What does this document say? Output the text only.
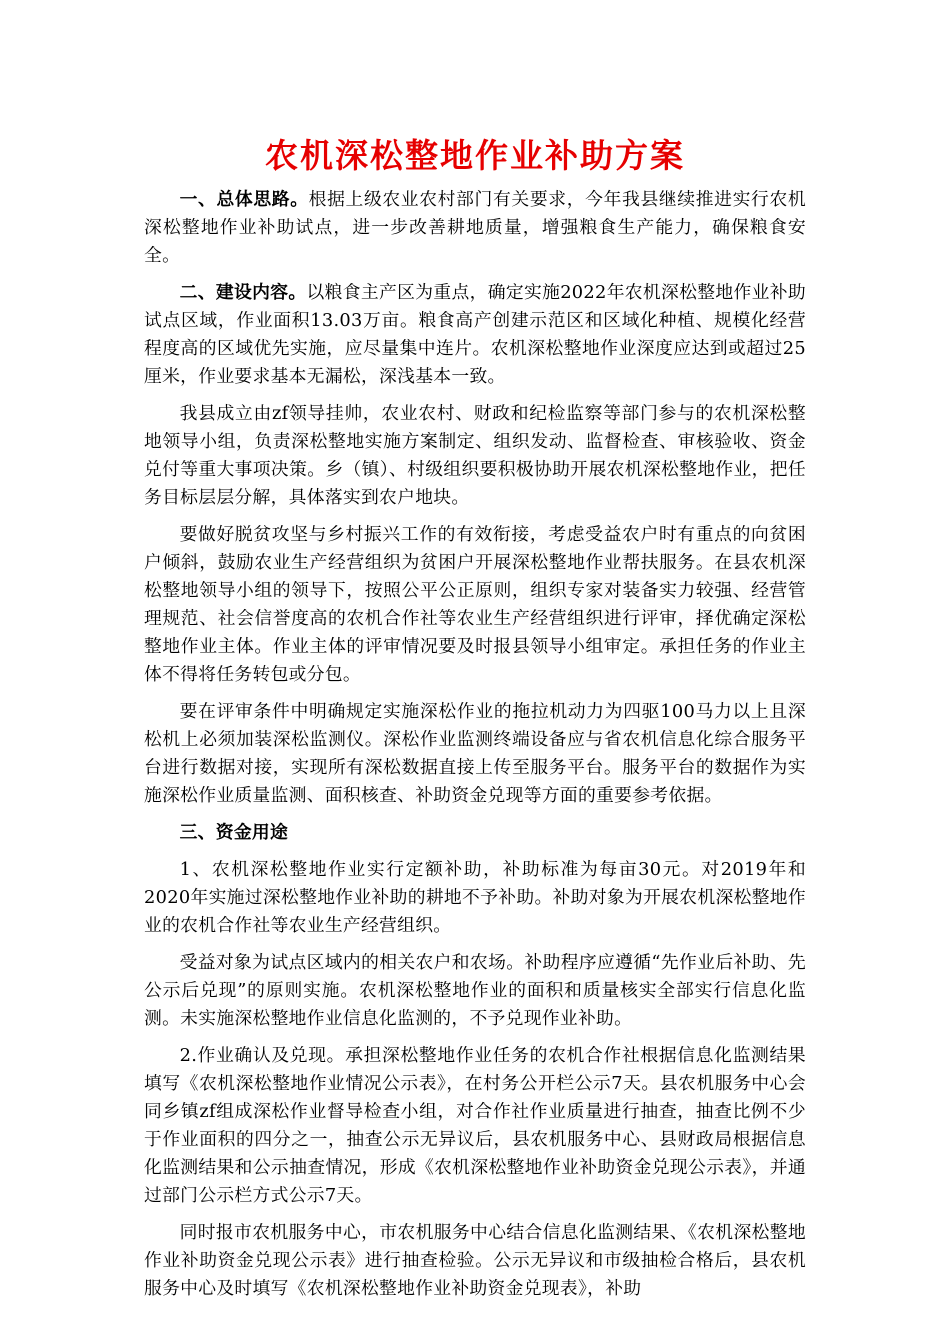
农机深松整地作业补助方案

一、总体思路。根据上级农业农村部门有关要求，今年我县继续推进实行农机深松整地作业补助试点，进一步改善耕地质量，增强粮食生产能力，确保粮食安全。

二、建设内容。以粮食主产区为重点，确定实施2022年农机深松整地作业补助试点区域，作业面积13.03万亩。粮食高产创建示范区和区域化种植、规模化经营程度高的区域优先实施，应尽量集中连片。农机深松整地作业深度应达到或超过25厘米，作业要求基本无漏松，深浅基本一致。

我县成立由zf领导挂帅，农业农村、财政和纪检监察等部门参与的农机深松整地领导小组，负责深松整地实施方案制定、组织发动、监督检查、审核验收、资金兑付等重大事项决策。乡（镇）、村级组织要积极协助开展农机深松整地作业，把任务目标层层分解，具体落实到农户地块。

要做好脱贫攻坚与乡村振兴工作的有效衔接，考虑受益农户时有重点的向贫困户倾斜，鼓励农业生产经营组织为贫困户开展深松整地作业帮扶服务。在县农机深松整地领导小组的领导下，按照公平公正原则，组织专家对装备实力较强、经营管理规范、社会信誉度高的农机合作社等农业生产经营组织进行评审，择优确定深松整地作业主体。作业主体的评审情况要及时报县领导小组审定。承担任务的作业主体不得将任务转包或分包。

要在评审条件中明确规定实施深松作业的拖拉机动力为四驱100马力以上且深松机上必须加装深松监测仪。深松作业监测终端设备应与省农机信息化综合服务平台进行数据对接，实现所有深松数据直接上传至服务平台。服务平台的数据作为实施深松作业质量监测、面积核查、补助资金兑现等方面的重要参考依据。

三、资金用途

1、农机深松整地作业实行定额补助，补助标准为每亩30元。对2019年和2020年实施过深松整地作业补助的耕地不予补助。补助对象为开展农机深松整地作业的农机合作社等农业生产经营组织。

受益对象为试点区域内的相关农户和农场。补助程序应遵循“先作业后补助、先公示后兑现”的原则实施。农机深松整地作业的面积和质量核实全部实行信息化监测。未实施深松整地作业信息化监测的，不予兑现作业补助。

2.作业确认及兑现。承担深松整地作业任务的农机合作社根据信息化监测结果填写《农机深松整地作业情况公示表》，在村务公开栏公示7天。县农机服务中心会同乡镇zf组成深松作业督导检查小组，对合作社作业质量进行抽查，抽查比例不少于作业面积的四分之一，抽查公示无异议后，县农机服务中心、县财政局根据信息化监测结果和公示抽查情况，形成《农机深松整地作业补助资金兑现公示表》，并通过部门公示栏方式公示7天。

同时报市农机服务中心，市农机服务中心结合信息化监测结果、《农机深松整地作业补助资金兑现公示表》进行抽查检验。公示无异议和市级抽检合格后，县农机服务中心及时填写《农机深松整地作业补助资金兑现表》，补助
